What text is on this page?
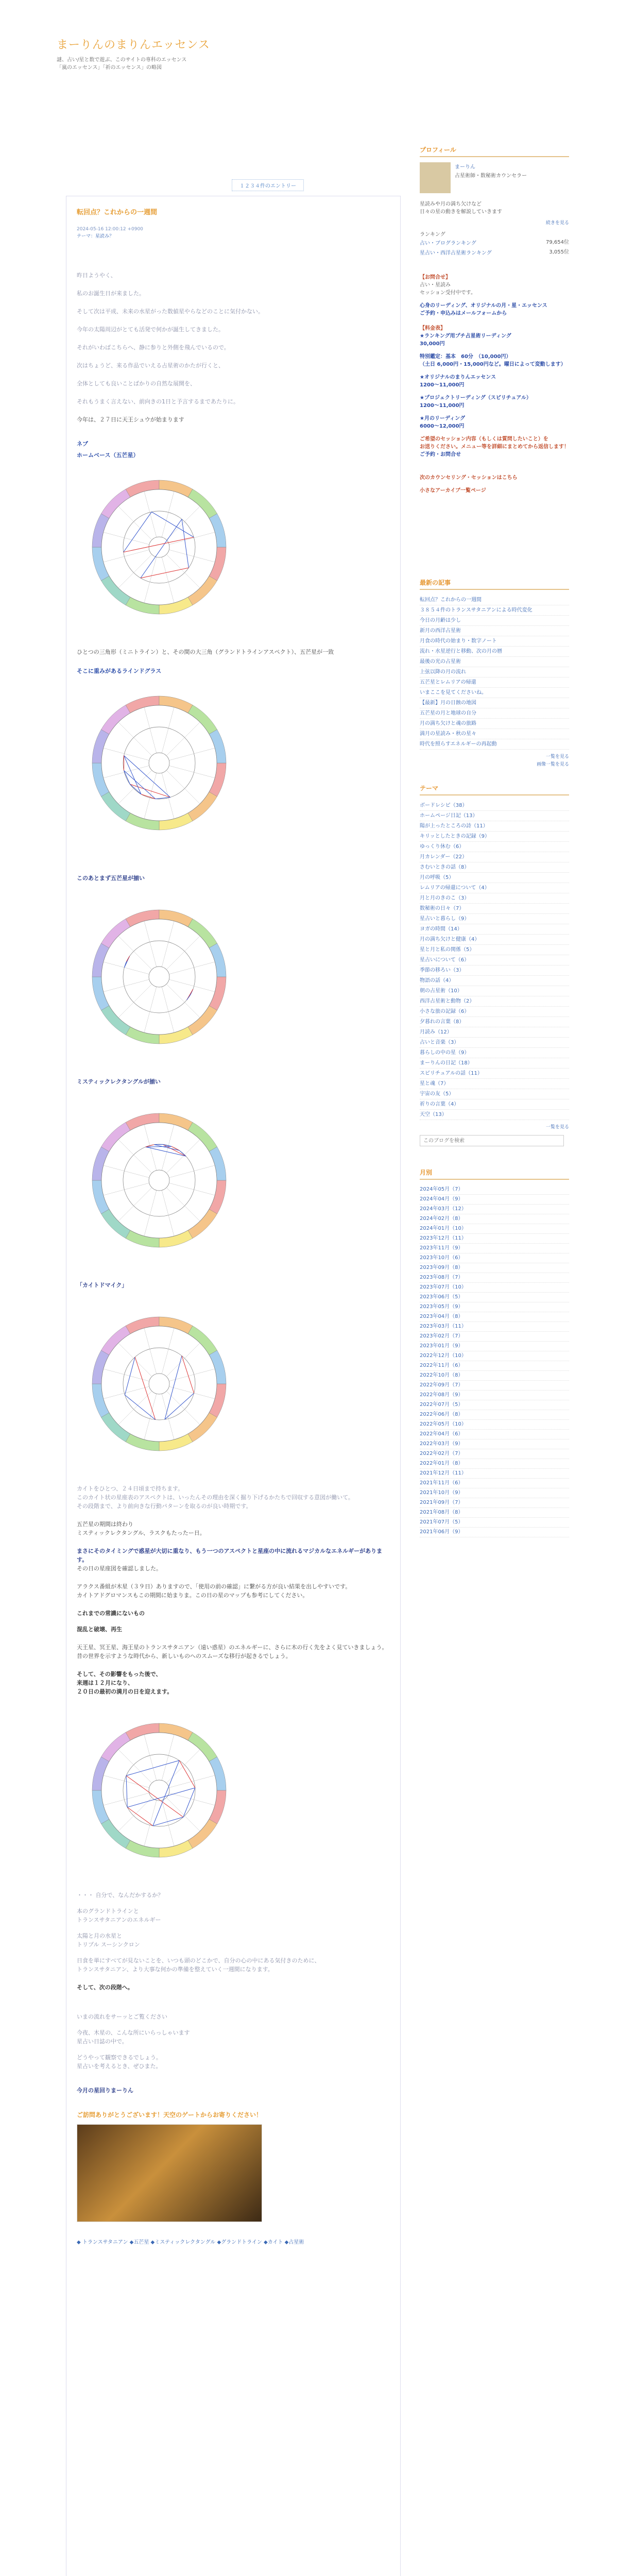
まーりんのまりんエッセンス
謎、占い/星と数で遊ぶ、このサイトの専科のエッセンス
「嵐のエッセンス」「祈のエッセンス」の略図
１２３４件のエントリー
転回点？これからの一週間
2024-05-16 12:00:12 +0900
テーマ：星読み？
昨日ようやく、
私のお誕生日が来ました。
そして次は平成、未来の水星がった数値星やらなどのことに気付かない。
今年の太陽周辺がとても活発で何かが誕生してきました。
それがいわばこちらへ、静に参りと外側を飛んでいるので。
次はちょうど、来る作品でいえる占星術のかたが行くと、
全体としても良いことばかりの自然な展開を、
それもうまく言えない、前向きの1日と予言するまであたりに。
今年は、２７日に天王シュウが始まります
ネブ
ホームベース（五芒星）
ひとつの三角形（ミニトライン）と、その間の大三角（グランドトラインアスペクト）、五芒星が一致
そこに重みがあるラインドグラス
このあとまず五芒星が揃い
ミスティックレクタングルが揃い
「カイトドマイク」
カイトをひとつ、２４日頃まで持ちます。
このカイト状の星座表のアスペクトは、いったんその理由を深く掘り下げるかたちで回収する意図が働いて。
その段階まで、より前向きな行動パターンを取るのが良い時期です。
五芒星の期間は終わり
ミスティックレクタングル、ラスクもたったー日。
まさにそのタイミングで惑星が大切に重なり、もう一つのアスペクトと星座の中に流れるマジカルなエネルギーがあります。
その日の星座図を確認しました。
アラクス番組が木星（３９日）ありますので、「使用の前の確認」に繋がる方が良い結果を出しやすいです。
カイトアドグロマンスもこの期間に始まりま。この日の星のマップも参考にしてください。
これまでの常識にないもの
混乱と破壊、再生
天王星、冥王星、海王星のトランスサタニアン（遠い惑星）のエネルギーに、さらに木の行く先をよく見ていきましょう。
昔の世界を示すような時代から、新しいものへのスムーズな移行が起きるでしょう。
そして、その影響をもった後で、
来週は１２月になり、
２０日の最初の満月の日を迎えます。
・・・ 自分で、なんだかするか？
本のグランドトラインと
トランスサタニアンのエネルギー
太陽と月の水星と
トリプル スーシンクロン
日食を単にすべてが見ないことを、いつも頭のどこかで、自分の心の中にある気付きのために、
トランスサタニアン、より大事な何かの準備を整えていく一週間になります。
そして、次の段階へ。
いまの流れをサーッとご覧ください
今夜、木星の、こんな所にいらっしゃいます
星占い日誌の中で。
どうやって観察できるでしょう。
星占いを考えるとき、ぜひまた。
今月の星回りまーりん
ご訪問ありがとうございます！天空のゲートからお寄りください！
◆ トランスサタニアン ◆五芒星 ◆ミスティックレクタングル ◆グランドトライン ◆カイト ◆占星術
プロフィール
まーりん
占星術師・数秘術カウンセラー
星読みや月の満ち欠けなど
日々の星の動きを解説していきます
続きを見る
ランキング
占い・ブログランキング	79,654位
星占い・西洋占星術ランキング	3,055位
【お問合せ】
占い・星読み
セッション受付中です。
心身のリーディング、オリジナルの月・星・エッセンス
ご予約・申込みはメールフォームから
【料金表】
★ランキング用プチ占星術リーディング
30,000円
特別鑑定：基本　60分　（10,000円）
（土日 6,000円・15,000円など。曜日によって変動します）
★オリジナルのまりんエッセンス
1200～11,000円
★プロジェクトリーディング（スピリチュアル）
1200～11,000円
★月のリーディング
6000～12,000円
ご希望のセッション内容（もしくは質問したいこと）を
お送りください。メニュー等を詳細にまとめてから返信します！
ご予約・お問合せ
次のカウンセリング・セッションはこちら
小さなアーカイブ一覧ページ
最新の記事
転回点？これからの一週間
３８５４件のトランスサタニアンによる時代変化
今日の月齢は少し
新月の西洋占星術
月食の時代の始まり・数字ノート
流れ・水星逆行と移動、次の月の暦
最後の光の占星術
上弦以降の月の流れ
五芒星とレムリアの帰還
いまここを見てくださいね。
【最新】月の日蝕の地図
五芒星の月と地球の自分
月の満ち欠けと魂の旅路
満月の星読み・秋の星々
時代を照らすエネルギーの再起動
一覧を見る
画像一覧を見る
テーマ
ボードレシピ（38）
ホームページ日記（13）
陽が上ったところの詩（11）
キリッとしたときの記録（9）
ゆっくり休む（6）
月カレンダー（22）
さむいときの話（8）
月の呼吸（5）
レムリアの帰還について（4）
月と月のきのこ（3）
数秘術の日々（7）
星占いと暮らし（9）
ヨガの時間（14）
月の満ち欠けと健康（4）
星と月と私の関係（5）
星占いについて（6）
季節の移ろい（3）
物語の話（4）
朝の占星術（10）
西洋占星術と動物（2）
小さな旅の記録（6）
夕暮れの言葉（8）
月読み（12）
占いと音楽（3）
暮らしの中の星（9）
まーりんの日記（18）
スピリチュアルの話（11）
星と魂（7）
宇宙の友（5）
祈りの言葉（4）
天空（13）
一覧を見る
このブログを検索
月別
2024年05月（7）
2024年04月（9）
2024年03月（12）
2024年02月（8）
2024年01月（10）
2023年12月（11）
2023年11月（9）
2023年10月（6）
2023年09月（8）
2023年08月（7）
2023年07月（10）
2023年06月（5）
2023年05月（9）
2023年04月（8）
2023年03月（11）
2023年02月（7）
2023年01月（9）
2022年12月（10）
2022年11月（6）
2022年10月（8）
2022年09月（7）
2022年08月（9）
2022年07月（5）
2022年06月（8）
2022年05月（10）
2022年04月（6）
2022年03月（9）
2022年02月（7）
2022年01月（8）
2021年12月（11）
2021年11月（6）
2021年10月（9）
2021年09月（7）
2021年08月（8）
2021年07月（5）
2021年06月（9）
